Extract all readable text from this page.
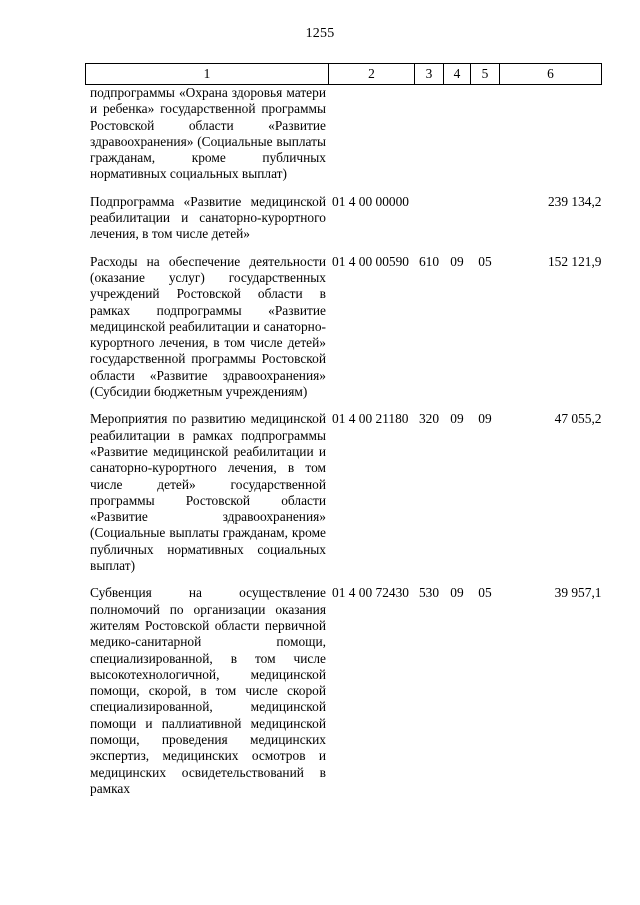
1255
1	2	3	4	5	6
подпрограммы «Охрана здоровья матери и ребенка» государственной программы Ростовской области «Развитие здравоохранения» (Социальные выплаты гражданам, кроме публичных нормативных социальных выплат)					
Подпрограмма «Развитие медицинской реабилитации и санаторно-курортного лечения, в том числе детей»	01 4 00 00000				239 134,2
Расходы на обеспечение деятельности (оказание услуг) государственных учреждений Ростовской области в рамках подпрограммы «Развитие медицинской реабилитации и санаторно-курортного лечения, в том числе детей» государственной программы Ростовской области «Развитие здравоохранения» (Субсидии бюджетным учреждениям)	01 4 00 00590	610	09	05	152 121,9
Мероприятия по развитию медицинской реабилитации в рамках подпрограммы «Развитие медицинской реабилитации и санаторно-курортного лечения, в том числе детей» государственной программы Ростовской области «Развитие здравоохранения» (Социальные выплаты гражданам, кроме публичных нормативных социальных выплат)	01 4 00 21180	320	09	09	47 055,2
Субвенция на осуществление полномочий по организации оказания жителям Ростовской области первичной медико-санитарной помощи, специализированной, в том числе высокотехнологичной, медицинской помощи, скорой, в том числе скорой специализированной, медицинской помощи и паллиативной медицинской помощи, проведения медицинских экспертиз, медицинских осмотров и медицинских освидетельствований в рамках	01 4 00 72430	530	09	05	39 957,1
